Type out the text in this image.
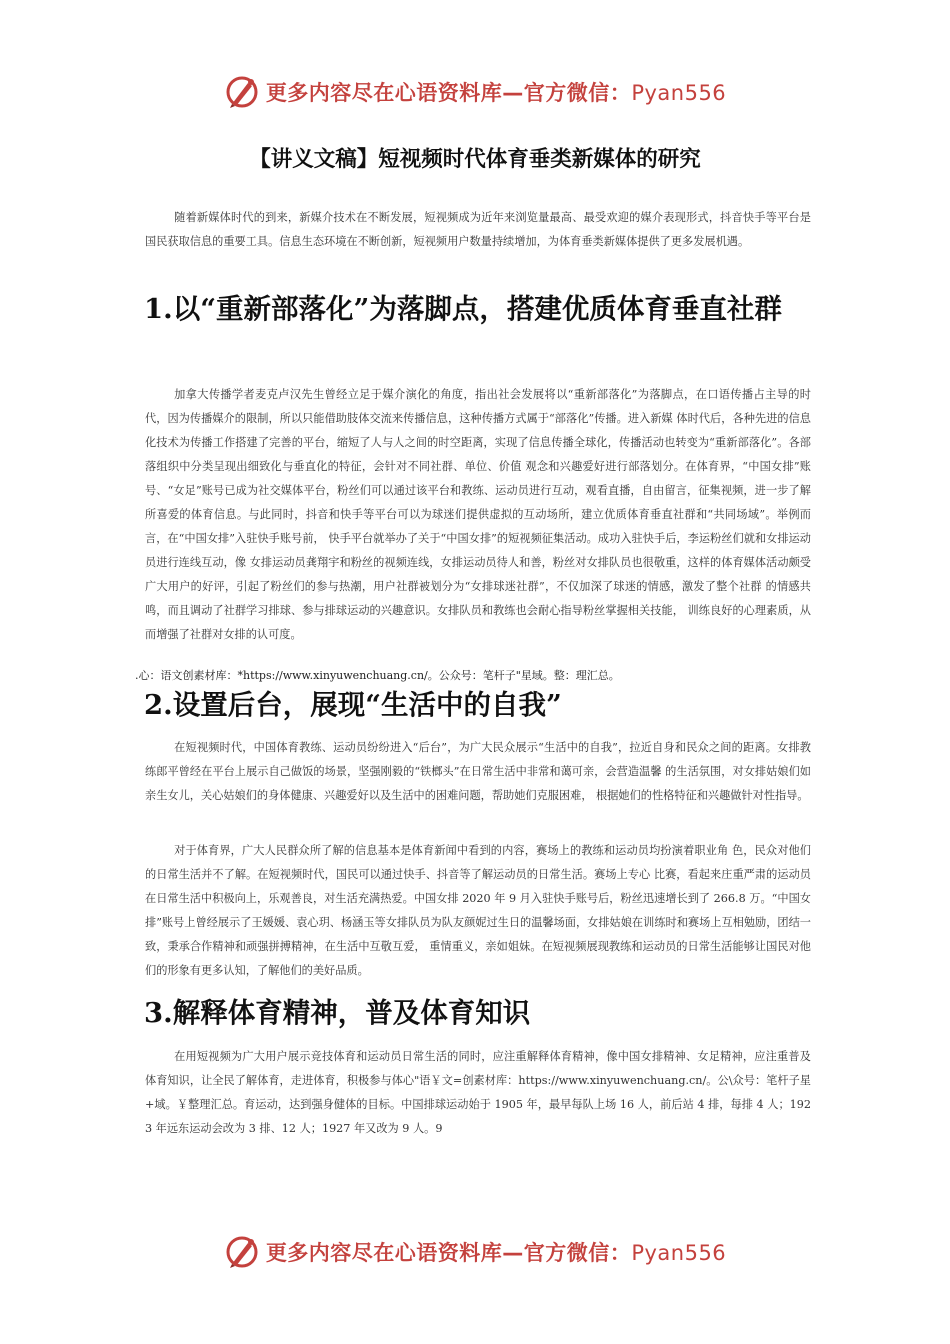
更多内容尽在心语资料库—官方微信：Pyan556
【讲义文稿】短视频时代体育垂类新媒体的研究

随着新媒体时代的到来，新媒介技术在不断发展，短视频成为近年来浏览量最高、最受欢迎的媒介表现形式，抖音快手等平台是国民获取信息的重要工具。信息生态环境在不断创新，短视频用户数量持续增加，为体育垂类新媒体提供了更多发展机遇。

1.以“重新部落化”为落脚点，搭建优质体育垂直社群

加拿大传播学者麦克卢汉先生曾经立足于媒介演化的角度，指出社会发展将以“重新部落化”为落脚点，在口语传播占主导的时代，因为传播媒介的限制，所以只能借助肢体交流来传播信息，这种传播方式属于“部落化”传播。进入新媒 体时代后，各种先进的信息化技术为传播工作搭建了完善的平台，缩短了人与人之间的时空距离，实现了信息传播全球化，传播活动也转变为“重新部落化”。各部落组织中分类呈现出细致化与垂直化的特征，会针对不同社群、单位、价值 观念和兴趣爱好进行部落划分。在体育界，“中国女排”账号、“女足”账号已成为社交媒体平台，粉丝们可以通过该平台和教练、运动员进行互动，观看直播，自由留言，征集视频，进一步了解所喜爱的体育信息。与此同时，抖音和快手等平台可以为球迷们提供虚拟的互动场所，建立优质体育垂直社群和“共同场域”。举例而言，在“中国女排”入驻快手账号前， 快手平台就举办了关于“中国女排”的短视频征集活动。成功入驻快手后，李运粉丝们就和女排运动员进行连线互动，像 女排运动员龚翔宇和粉丝的视频连线，女排运动员待人和善，粉丝对女排队员也很敬重，这样的体育媒体活动颇受广大用户的好评，引起了粉丝们的参与热潮，用户社群被划分为“女排球迷社群”，不仅加深了球迷的情感，激发了整个社群 的情感共鸣，而且调动了社群学习排球、参与排球运动的兴趣意识。女排队员和教练也会耐心指导粉丝掌握相关技能， 训练良好的心理素质，从而增强了社群对女排的认可度。

.心：语文创素材库：*https://www.xinyuwenchuang.cn/。公众号：笔杆子"星域。整：理汇总。
2.设置后台，展现“生活中的自我”

在短视频时代，中国体育教练、运动员纷纷进入“后台”，为广大民众展示“生活中的自我”，拉近自身和民众之间的距离。女排教练郎平曾经在平台上展示自己做饭的场景，坚强刚毅的“铁榔头”在日常生活中非常和蔼可亲，会营造温馨 的生活氛围，对女排姑娘们如亲生女儿，关心姑娘们的身体健康、兴趣爱好以及生活中的困难问题，帮助她们克服困难， 根据她们的性格特征和兴趣做针对性指导。

对于体育界，广大人民群众所了解的信息基本是体育新闻中看到的内容，赛场上的教练和运动员均扮演着职业角 色，民众对他们的日常生活并不了解。在短视频时代，国民可以通过快手、抖音等了解运动员的日常生活。赛场上专心 比赛，看起来庄重严肃的运动员在日常生活中积极向上，乐观善良，对生活充满热爱。中国女排 2020 年 9 月入驻快手账号后，粉丝迅速增长到了 266.8 万。“中国女排”账号上曾经展示了王媛媛、袁心玥、杨涵玉等女排队员为队友颜妮过生日的温馨场面，女排姑娘在训练时和赛场上互相勉励，团结一致，秉承合作精神和顽强拼搏精神，在生活中互敬互爱， 重情重义，亲如姐妹。在短视频展现教练和运动员的日常生活能够让国民对他们的形象有更多认知，了解他们的美好品质。

3.解释体育精神，普及体育知识

在用短视频为广大用户展示竞技体育和运动员日常生活的同时，应注重解释体育精神，像中国女排精神、女足精神，应注重普及体育知识，让全民了解体育，走进体育，积极参与体心"语￥文=创素材库：https://www.xinyuwenchuang.cn/。公\众号：笔杆子星+域。￥整理汇总。育运动，达到强身健体的目标。中国排球运动始于 1905 年，最早每队上场 16 人，前后站 4 排，每排 4 人；1923 年远东运动会改为 3 排、12 人；1927 年又改为 9 人。9

更多内容尽在心语资料库—官方微信：Pyan556
